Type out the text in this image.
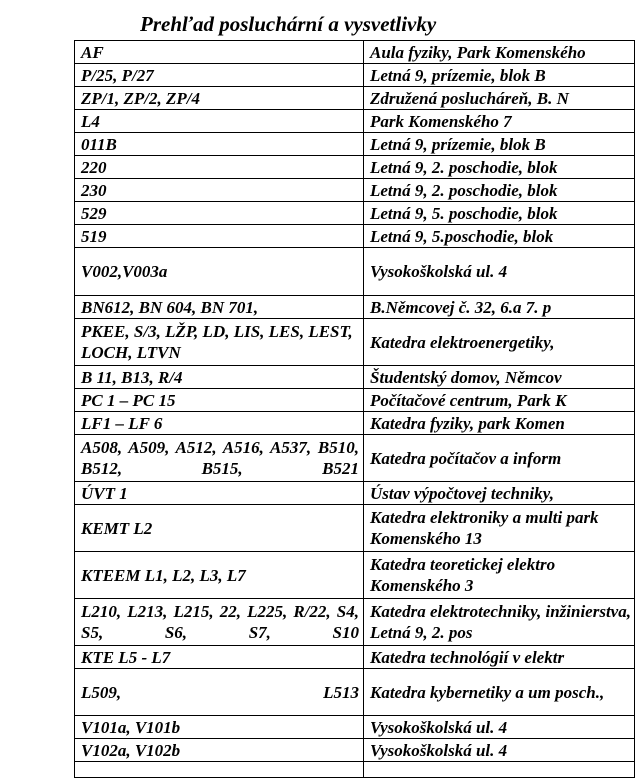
Prehľad posluchární a vysvetlivky
AF	Aula fyziky, Park Komenského
P/25, P/27	Letná 9, prízemie, blok B
ZP/1, ZP/2, ZP/4	Združená poslucháreň, B. N
L4	Park Komenského 7
011B	Letná 9, prízemie, blok B
220	Letná 9, 2. poschodie, blok
230	Letná 9, 2. poschodie, blok
529	Letná 9, 5. poschodie, blok
519	Letná 9, 5.poschodie, blok
V002,V003a	Vysokoškolská ul. 4
BN612, BN 604, BN 701,	B.Němcovej č. 32, 6.a 7. p
PKEE, S/3, LŽP, LD, LIS, LES, LEST, LOCH, LTVN	Katedra elektroenergetiky,
B 11, B13, R/4	Študentský domov, Němcov
PC 1 – PC 15	Počítačové centrum, Park K
LF1 – LF 6	Katedra fyziky, park Komen
A508, A509, A512, A516, A537, B510, B512, B515, B521	Katedra počítačov a inform
ÚVT 1	Ústav výpočtovej techniky,
KEMT L2	Katedra elektroniky a multi park Komenského 13
KTEEM L1, L2, L3, L7	Katedra teoretickej elektro Komenského 3
L210, L213, L215, 22, L225, R/22, S4, S5, S6, S7, S10	Katedra elektrotechniky, inžinierstva, Letná 9, 2. pos
KTE L5 - L7	Katedra technológií v elektr
L509, L513	Katedra kybernetiky a um posch.,
V101a, V101b	Vysokoškolská ul. 4
V102a, V102b	Vysokoškolská ul. 4
